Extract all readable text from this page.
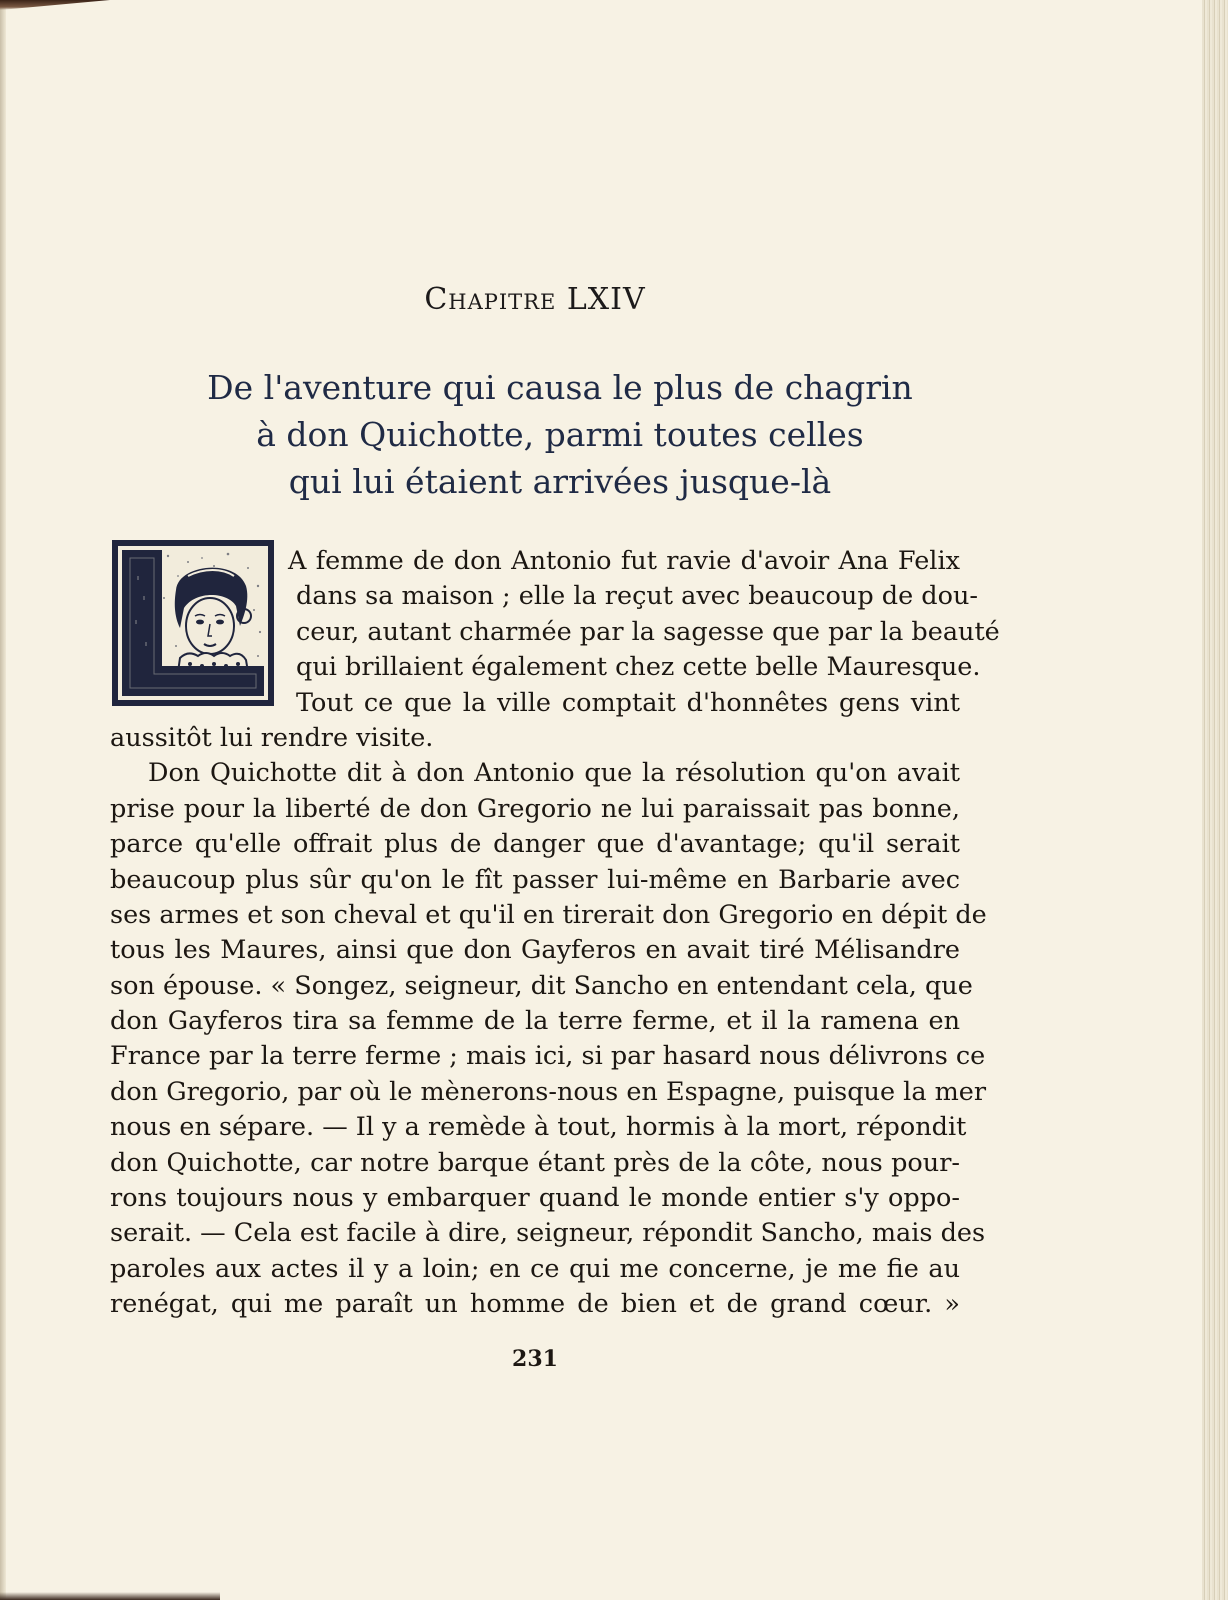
Chapitre LXIV
De l'aventure qui causa le plus de chagrin
à don Quichotte, parmi toutes celles
qui lui étaient arrivées jusque-là
L	A femme de don Antonio fut ravie d'avoir Ana Felix
dans sa maison ; elle la reçut avec beaucoup de dou-
ceur, autant charmée par la sagesse que par la beauté
qui brillaient également chez cette belle Mauresque.
Tout ce que la ville comptait d'honnêtes gens vint
aussitôt lui rendre visite.
Don Quichotte dit à don Antonio que la résolution qu'on avait
prise pour la liberté de don Gregorio ne lui paraissait pas bonne,
parce qu'elle offrait plus de danger que d'avantage; qu'il serait
beaucoup plus sûr qu'on le fît passer lui-même en Barbarie avec
ses armes et son cheval et qu'il en tirerait don Gregorio en dépit de
tous les Maures, ainsi que don Gayferos en avait tiré Mélisandre
son épouse. « Songez, seigneur, dit Sancho en entendant cela, que
don Gayferos tira sa femme de la terre ferme, et il la ramena en
France par la terre ferme ; mais ici, si par hasard nous délivrons ce
don Gregorio, par où le mènerons-nous en Espagne, puisque la mer
nous en sépare. — Il y a remède à tout, hormis à la mort, répondit
don Quichotte, car notre barque étant près de la côte, nous pour-
rons toujours nous y embarquer quand le monde entier s'y oppo-
serait. — Cela est facile à dire, seigneur, répondit Sancho, mais des
paroles aux actes il y a loin; en ce qui me concerne, je me fie au
renégat, qui me paraît un homme de bien et de grand cœur. »
231
